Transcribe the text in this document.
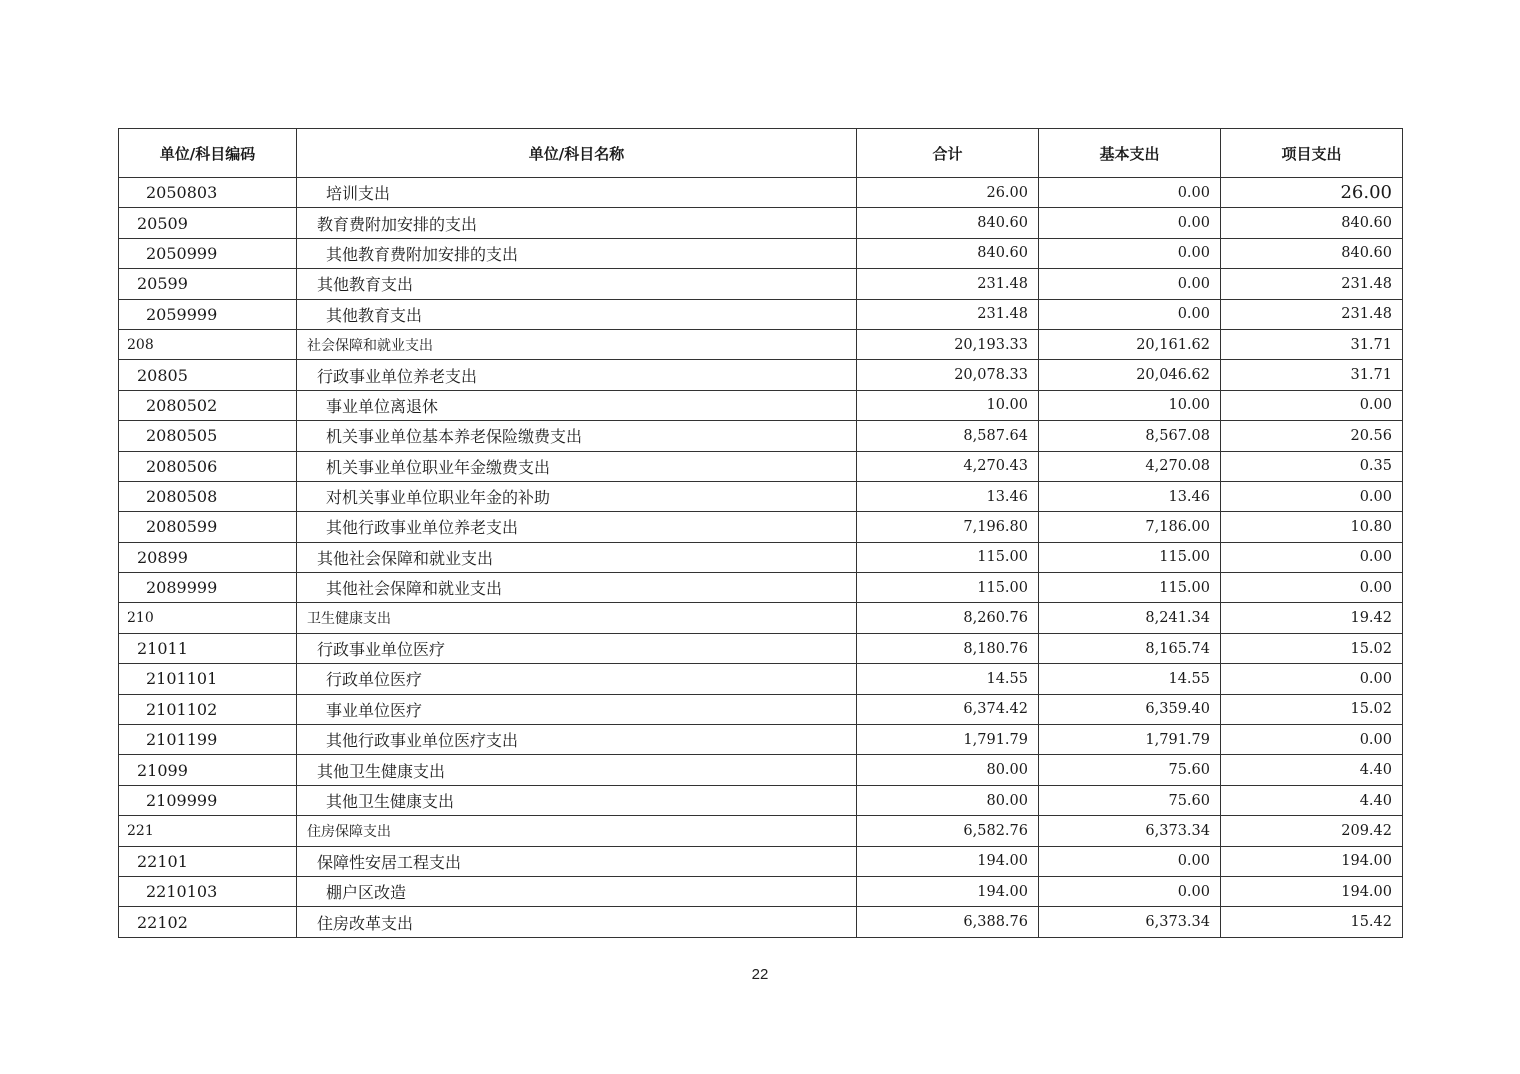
单位/科目编码	单位/科目名称	合计	基本支出	项目支出
2050803	培训支出	26.00	0.00	26.00
20509	教育费附加安排的支出	840.60	0.00	840.60
2050999	其他教育费附加安排的支出	840.60	0.00	840.60
20599	其他教育支出	231.48	0.00	231.48
2059999	其他教育支出	231.48	0.00	231.48
208	社会保障和就业支出	20,193.33	20,161.62	31.71
20805	行政事业单位养老支出	20,078.33	20,046.62	31.71
2080502	事业单位离退休	10.00	10.00	0.00
2080505	机关事业单位基本养老保险缴费支出	8,587.64	8,567.08	20.56
2080506	机关事业单位职业年金缴费支出	4,270.43	4,270.08	0.35
2080508	对机关事业单位职业年金的补助	13.46	13.46	0.00
2080599	其他行政事业单位养老支出	7,196.80	7,186.00	10.80
20899	其他社会保障和就业支出	115.00	115.00	0.00
2089999	其他社会保障和就业支出	115.00	115.00	0.00
210	卫生健康支出	8,260.76	8,241.34	19.42
21011	行政事业单位医疗	8,180.76	8,165.74	15.02
2101101	行政单位医疗	14.55	14.55	0.00
2101102	事业单位医疗	6,374.42	6,359.40	15.02
2101199	其他行政事业单位医疗支出	1,791.79	1,791.79	0.00
21099	其他卫生健康支出	80.00	75.60	4.40
2109999	其他卫生健康支出	80.00	75.60	4.40
221	住房保障支出	6,582.76	6,373.34	209.42
22101	保障性安居工程支出	194.00	0.00	194.00
2210103	棚户区改造	194.00	0.00	194.00
22102	住房改革支出	6,388.76	6,373.34	15.42
22
